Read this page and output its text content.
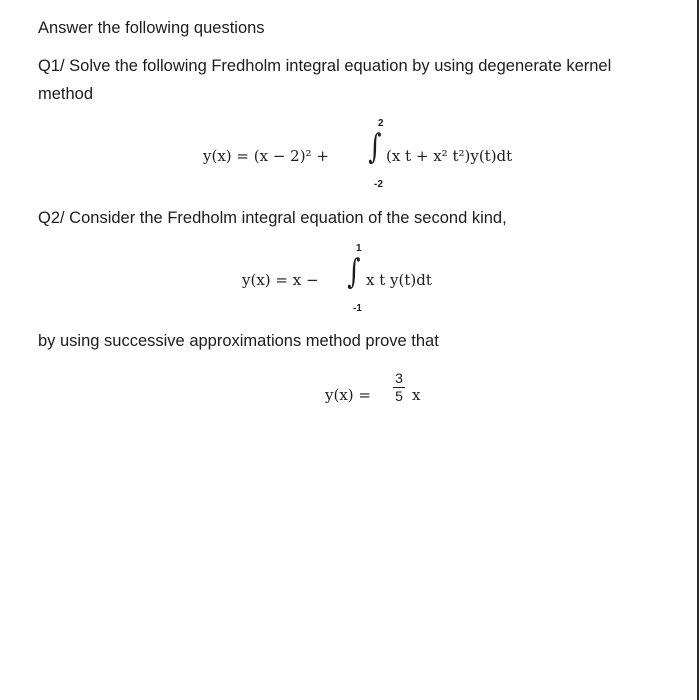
Answer the following questions
Q1/ Solve the following Fredholm integral equation by using degenerate kernel
method
y(x) = (x − 2)² +
2
∫
-2
(x t + x² t²)y(t)dt
Q2/ Consider the Fredholm integral equation of the second kind,
y(x) = x −
1
∫
-1
x t y(t)dt
by using successive approximations method prove that
y(x) =
3
5 x
